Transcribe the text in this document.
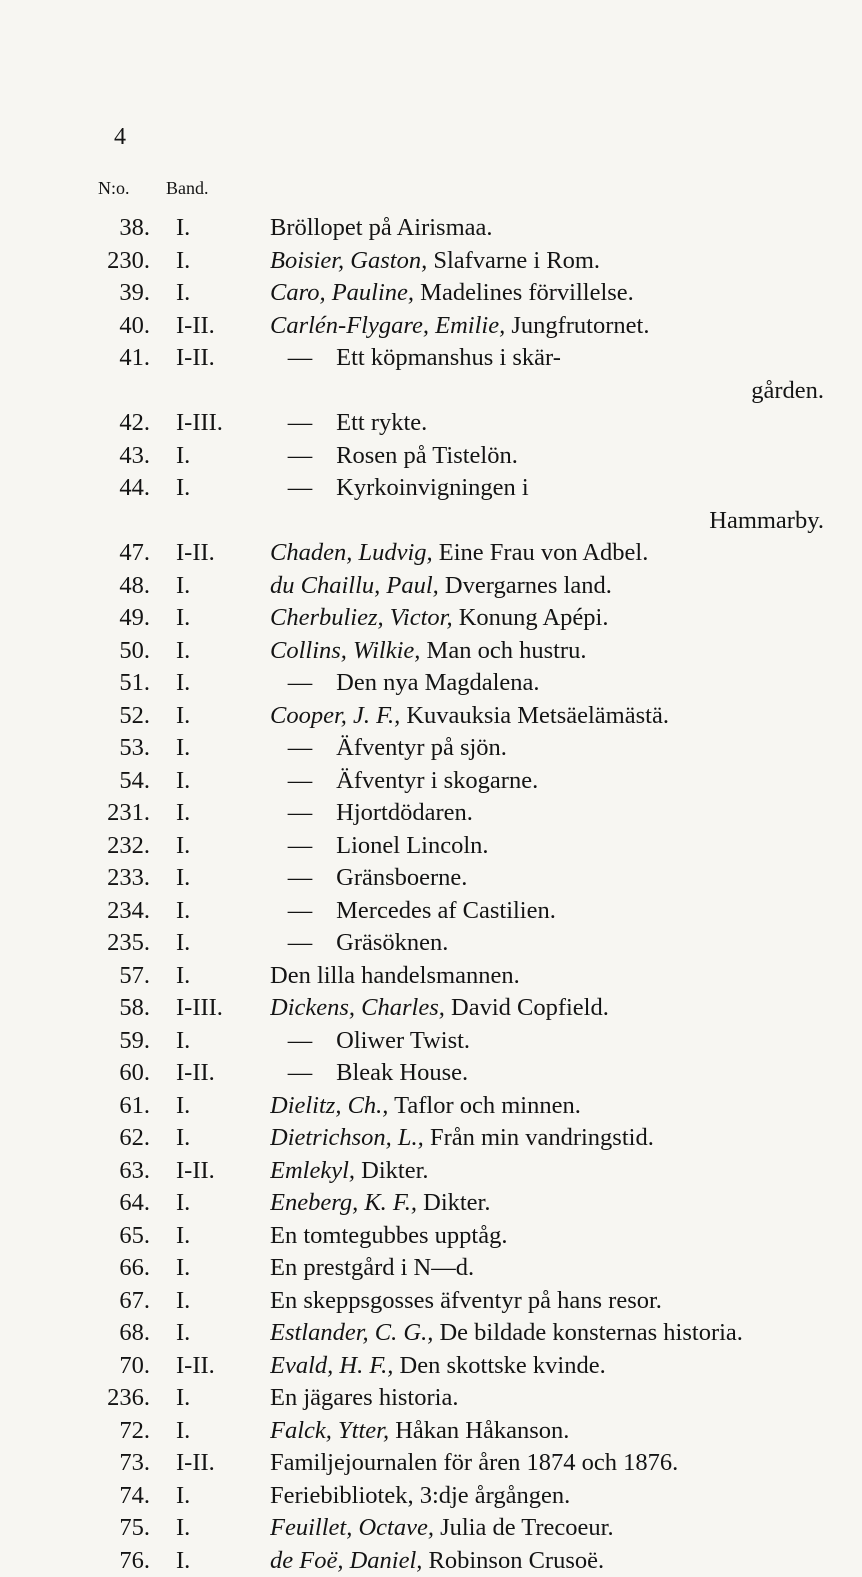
4
N:o. Band.
38. I.	Bröllopet på Airismaa.
230. I.	Boisier, Gaston, Slafvarne i Rom.
39. I.	Caro, Pauline, Madelines förvillelse.
40. I-II.	Carlén-Flygare, Emilie, Jungfrutornet.
41. I-II.	— Ett köpmanshus i skär-
gården.
42. I-III.	— Ett rykte.
43. I.	— Rosen på Tistelön.
44. I.	— Kyrkoinvigningen i
Hammarby.
47. I-II.	Chaden, Ludvig, Eine Frau von Adbel.
48. I.	du Chaillu, Paul, Dvergarnes land.
49. I.	Cherbuliez, Victor, Konung Apépi.
50. I.	Collins, Wilkie, Man och hustru.
51. I.	— Den nya Magdalena.
52. I.	Cooper, J. F., Kuvauksia Metsäelämästä.
53. I.	— Äfventyr på sjön.
54. I.	— Äfventyr i skogarne.
231. I.	— Hjortdödaren.
232. I.	— Lionel Lincoln.
233. I.	— Gränsboerne.
234. I.	— Mercedes af Castilien.
235. I.	— Gräsöknen.
57. I.	Den lilla handelsmannen.
58. I-III.	Dickens, Charles, David Copfield.
59. I.	— Oliwer Twist.
60. I-II.	— Bleak House.
61. I.	Dielitz, Ch., Taflor och minnen.
62. I.	Dietrichson, L., Från min vandringstid.
63. I-II.	Emlekyl, Dikter.
64. I.	Eneberg, K. F., Dikter.
65. I.	En tomtegubbes upptåg.
66. I.	En prestgård i N—d.
67. I.	En skeppsgosses äfventyr på hans resor.
68. I.	Estlander, C. G., De bildade konsternas historia.
70. I-II.	Evald, H. F., Den skottske kvinde.
236. I.	En jägares historia.
72. I.	Falck, Ytter, Håkan Håkanson.
73. I-II.	Familjejournalen för åren 1874 och 1876.
74. I.	Feriebibliotek, 3:dje årgången.
75. I.	Feuillet, Octave, Julia de Trecoeur.
76. I.	de Foë, Daniel, Robinson Crusoë.
